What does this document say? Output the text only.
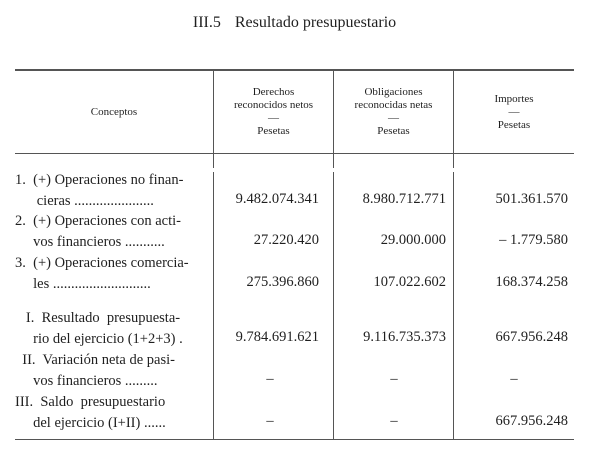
III.5 Resultado presupuestario
Conceptos
Derechos
reconocidos netos
—
Pesetas
Obligaciones
reconocidas netas
—
Pesetas
Importes
—
Pesetas
1.  (+) Operaciones no finan-
cieras ......................	9.482.074.341	8.980.712.771	501.361.570
2.  (+) Operaciones con acti-
vos financieros ...........	27.220.420	29.000.000	– 1.779.580
3.  (+) Operaciones comercia-
les ...........................	275.396.860	107.022.602	168.374.258
I.  Resultado  presupuesta-
rio del ejercicio (1+2+3) .	9.784.691.621	9.116.735.373	667.956.248
II.  Variación neta de pasi-
vos financieros .........	–	–	–
III.  Saldo  presupuestario
del ejercicio (I+II) ......	–	–	667.956.248
